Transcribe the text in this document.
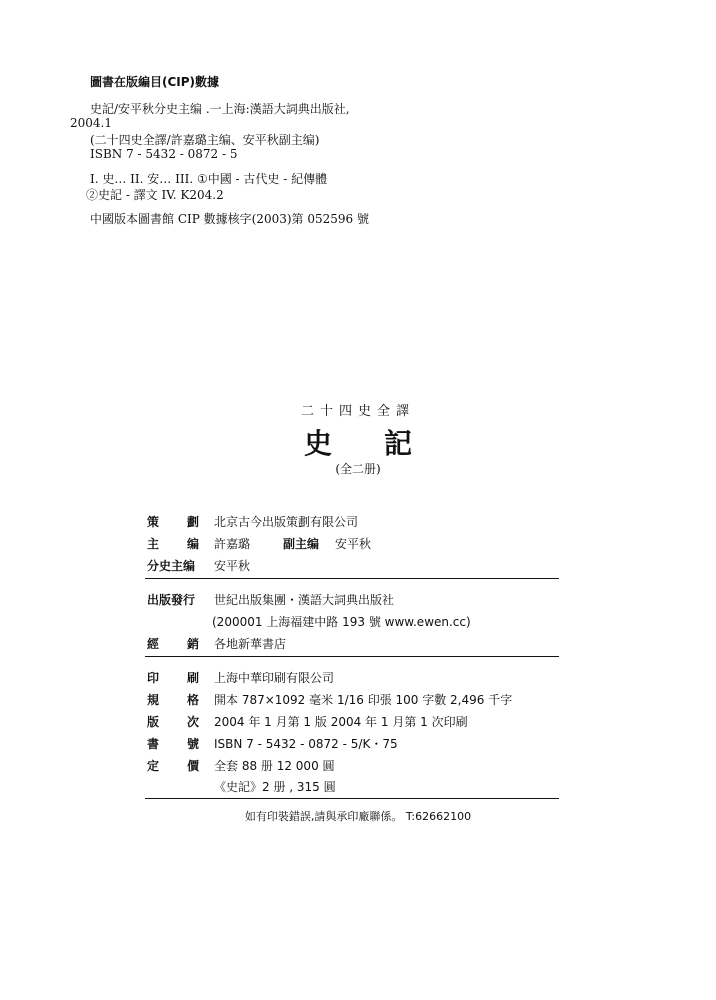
圖書在版編目(CIP)數據
史記/安平秋分史主编 .一上海:漢語大詞典出版社,
2004.1
(二十四史全譯/許嘉璐主编、安平秋副主编)
ISBN 7 - 5432 - 0872 - 5
I. 史… II. 安… III. ①中國 - 古代史 - 紀傳體
②史記 - 譯文 IV. K204.2
中國版本圖書館 CIP 數據核字(2003)第 052596 號
二十四史全譯
史記
(全二册)
策 劃 北京古今出版策劃有限公司
主 编 許嘉璐	副主编 安平秋
分史主编	安平秋
出版發行	世紀出版集團・漢語大詞典出版社
(200001 上海福建中路 193 號 www.ewen.cc)
經 銷 各地新華書店
印 刷 上海中華印刷有限公司
規 格 開本 787×1092 毫米 1/16 印張 100 字數 2,496 千字
版 次 2004 年 1 月第 1 版 2004 年 1 月第 1 次印刷
書 號 ISBN 7 - 5432 - 0872 - 5/K・75
定 價 全套 88 册 12 000 圓
《史記》2 册 , 315 圓
如有印裝錯誤,請與承印廠聯係。 T:62662100
